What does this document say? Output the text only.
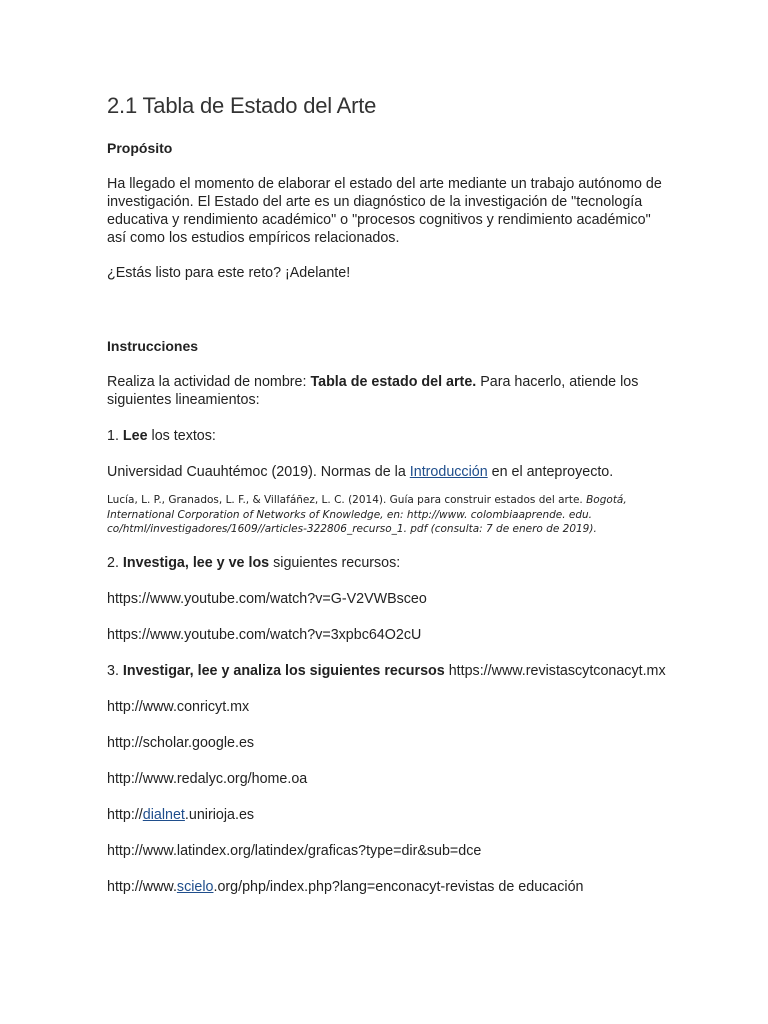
2.1 Tabla de Estado del Arte

Propósito

Ha llegado el momento de elaborar el estado del arte mediante un trabajo autónomo de investigación. El Estado del arte es un diagnóstico de la investigación de "tecnología educativa y rendimiento académico" o "procesos cognitivos y rendimiento académico" así como los estudios empíricos relacionados.

¿Estás listo para este reto? ¡Adelante!

Instrucciones

Realiza la actividad de nombre: Tabla de estado del arte. Para hacerlo, atiende los siguientes lineamientos:

1. Lee los textos:

Universidad Cuauhtémoc (2019). Normas de la Introducción en el anteproyecto.

Lucía, L. P., Granados, L. F., & Villafáñez, L. C. (2014). Guía para construir estados del arte. Bogotá, International Corporation of Networks of Knowledge, en: http://www. colombiaaprende. edu. co/html/investigadores/1609//articles-322806_recurso_1. pdf (consulta: 7 de enero de 2019).

2. Investiga, lee y ve los siguientes recursos:

https://www.youtube.com/watch?v=G-V2VWBsceo

https://www.youtube.com/watch?v=3xpbc64O2cU

3. Investigar, lee y analiza los siguientes recursos https://www.revistascytconacyt.mx

http://www.conricyt.mx

http://scholar.google.es

http://www.redalyc.org/home.oa

http://dialnet.unirioja.es

http://www.latindex.org/latindex/graficas?type=dir&sub=dce

http://www.scielo.org/php/index.php?lang=enconacyt-revistas de educación
